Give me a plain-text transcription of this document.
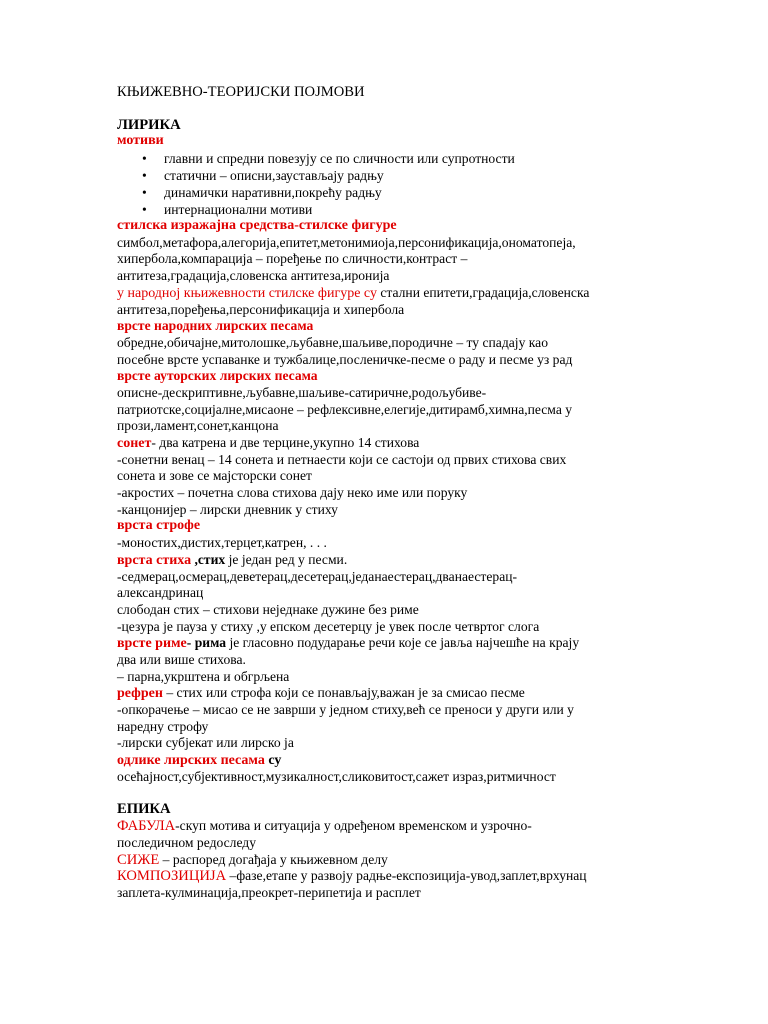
КЊИЖЕВНО-ТЕОРИЈСКИ ПОЈМОВИ
ЛИРИКА
мотиви
• главни и спредни повезују се по сличности или супротности
• статични – описни,заустављају радњу
• динамички наративни,покрећу радњу
• интернационални мотиви
стилска изражајна средства-стилске фигуре
симбол,метафора,алегорија,епитет,метонимиоја,персонификација,ономатопеја,
хипербола,компарација – поређење по сличности,контраст –
антитеза,градација,словенска антитеза,иронија
у народној књижевности стилске фигуре су стални епитети,градација,словенска
антитеза,поређења,персонификација и хипербола
врсте народних лирских песама
обредне,обичајне,митолошке,љубавне,шаљиве,породичне – ту спадају као
посебне врсте успаванке и тужбалице,посленичке-песме о раду и песме уз рад
врсте ауторских лирских песама
описне-дескриптивне,љубавне,шаљиве-сатиричне,родољубиве-
патриотске,социјалне,мисаоне – рефлексивне,елегије,дитирамб,химна,песма у
прози,ламент,сонет,канцона
сонет- два катрена и две терцине,укупно 14 стихова
-сонетни венац – 14 сонета и петнаести који се састоји од првих стихова свих
сонета и зове се мајсторски сонет
-акростих – почетна слова стихова дају неко име или поруку
-канцонијер – лирски дневник у стиху
врста строфе
-моностих,дистих,терцет,катрен, . . .
врста стиха ,стих је један ред у песми.
-седмерац,осмерац,деветерац,десетерац,једанаестерац,дванаестерац-
александринац
слободан стих – стихови неједнаке дужине без риме
-цезура је пауза у стиху ,у епском десетерцу је увек после четвртог слога
врсте риме- рима је гласовно подударање речи које се јавља најчешће на крају
два или више стихова.
– парна,укрштена и обгрљена
рефрен – стих или строфа који се понављају,важан је за смисао песме
-опкорачење – мисао се не заврши у једном стиху,већ се преноси у други или у
наредну строфу
-лирски субјекат или лирско ја
одлике лирских песама су
осећајност,субјективност,музикалност,сликовитост,сажет израз,ритмичност
ЕПИКА
ФАБУЛА-скуп мотива и ситуација у одређеном временском и узрочно-
последичном редоследу
СИЖЕ – распоред догађаја у књижевном делу
КОМПОЗИЦИЈА –фазе,етапе у развоју радње-експозиција-увод,заплет,врхунац
заплета-кулминација,преокрет-перипетија и расплет
